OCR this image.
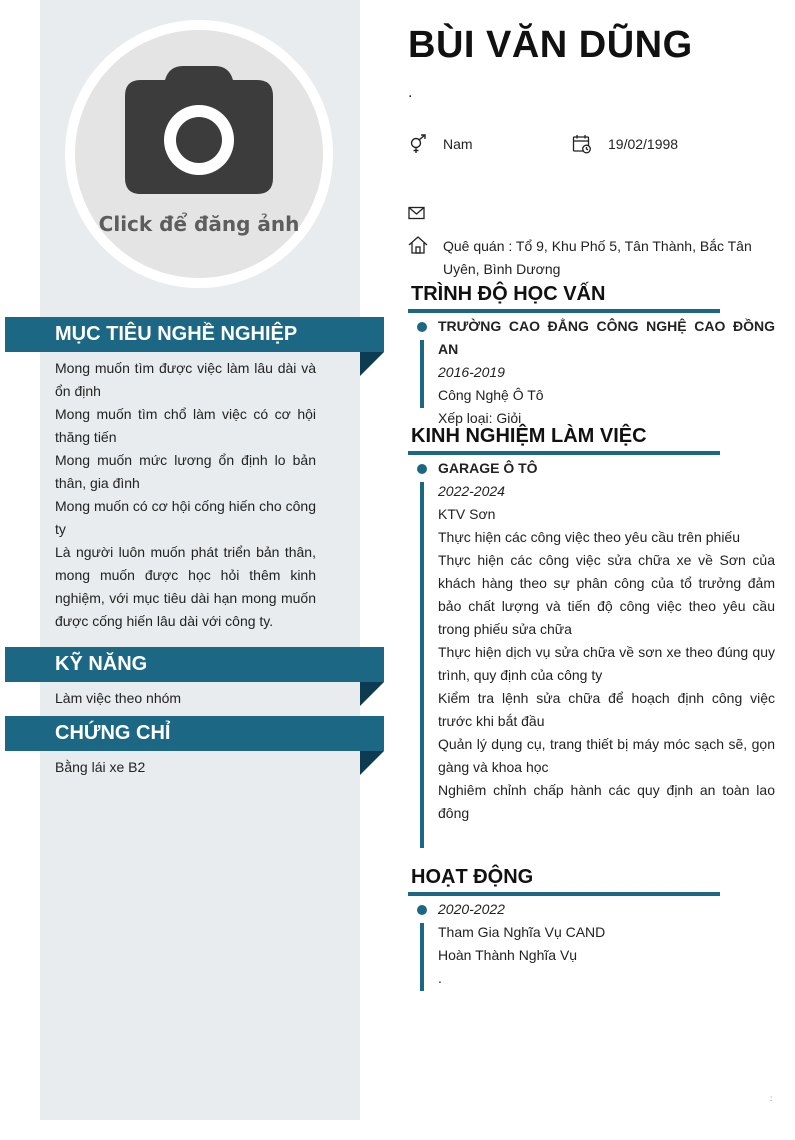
Click để đăng ảnh
MỤC TIÊU NGHỀ NGHIỆP

Mong muốn tìm được việc làm lâu dài và ổn định

Mong muốn tìm chổ làm việc có cơ hội thăng tiến

Mong muốn mức lương ổn định lo bản thân, gia đình

Mong muốn có cơ hội cống hiến cho công ty

Là người luôn muốn phát triển bản thân, mong muốn được học hỏi thêm kinh nghiệm, với mục tiêu dài hạn mong muốn được cống hiến lâu dài với công ty.

KỸ NĂNG

Làm việc theo nhóm

CHỨNG CHỈ

Bằng lái xe B2

BÙI VĂN DŨNG
.
Nam	19/02/1998
Quê quán : Tổ 9, Khu Phố 5, Tân Thành, Bắc Tân Uyên, Bình Dương
TRÌNH ĐỘ HỌC VẤN

TRƯỜNG CAO ĐẲNG CÔNG NGHỆ CAO ĐỒNG AN

2016-2019

Công Nghệ Ô Tô

Xếp loại: Giỏi

KINH NGHIỆM LÀM VIỆC

GARAGE Ô TÔ

2022-2024

KTV Sơn

Thực hiện các công việc theo yêu cầu trên phiếu

Thực hiện các công việc sửa chữa xe về Sơn của khách hàng theo sự phân công của tổ trưởng đảm bảo chất lượng và tiến độ công việc theo yêu cầu trong phiếu sửa chữa

Thực hiện dịch vụ sửa chữa về sơn xe theo đúng quy trình, quy định của công ty

Kiểm tra lệnh sửa chữa để hoạch định công việc trước khi bắt đầu

Quản lý dụng cụ, trang thiết bị máy móc sạch sẽ, gọn gàng và khoa học

Nghiêm chỉnh chấp hành các quy định an toàn lao đông

HOẠT ĐỘNG

2020-2022

Tham Gia Nghĩa Vụ CAND

Hoàn Thành Nghĩa Vụ

.

:
